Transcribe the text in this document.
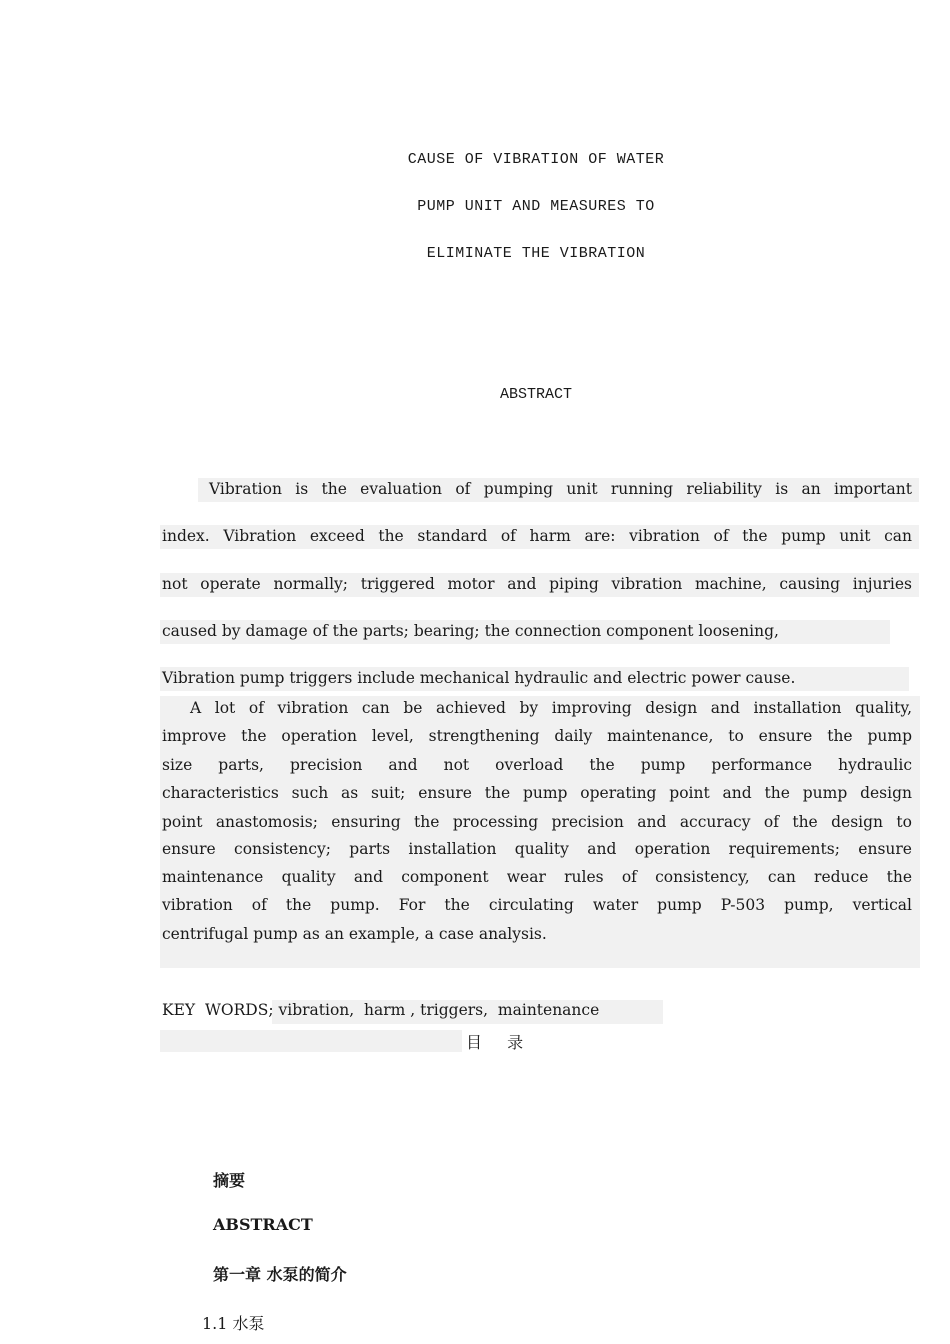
CAUSE OF VIBRATION OF WATER
PUMP UNIT AND MEASURES TO
ELIMINATE THE VIBRATION
ABSTRACT
Vibration is the evaluation of pumping unit running reliability is an important
index. Vibration exceed the standard of harm are: vibration of the pump unit can
not operate normally; triggered motor and piping vibration machine, causing injuries
caused by damage of the parts; bearing; the connection component loosening,
Vibration pump triggers include mechanical hydraulic and electric power cause.
A lot of vibration can be achieved by improving design and installation quality,
improve the operation level, strengthening daily maintenance, to ensure the pump
size parts, precision and not overload the pump performance hydraulic
characteristics such as suit; ensure the pump operating point and the pump design
point anastomosis; ensuring the processing precision and accuracy of the design to
ensure consistency; parts installation quality and operation requirements; ensure
maintenance quality and component wear rules of consistency, can reduce the
vibration of the pump. For the circulating water pump P-503 pump, vertical
centrifugal pump as an example, a case analysis.
KEY  WORDS; vibration,  harm , triggers,  maintenance
目 录
摘要
ABSTRACT
第一章 水泵的简介
1.1 水泵
